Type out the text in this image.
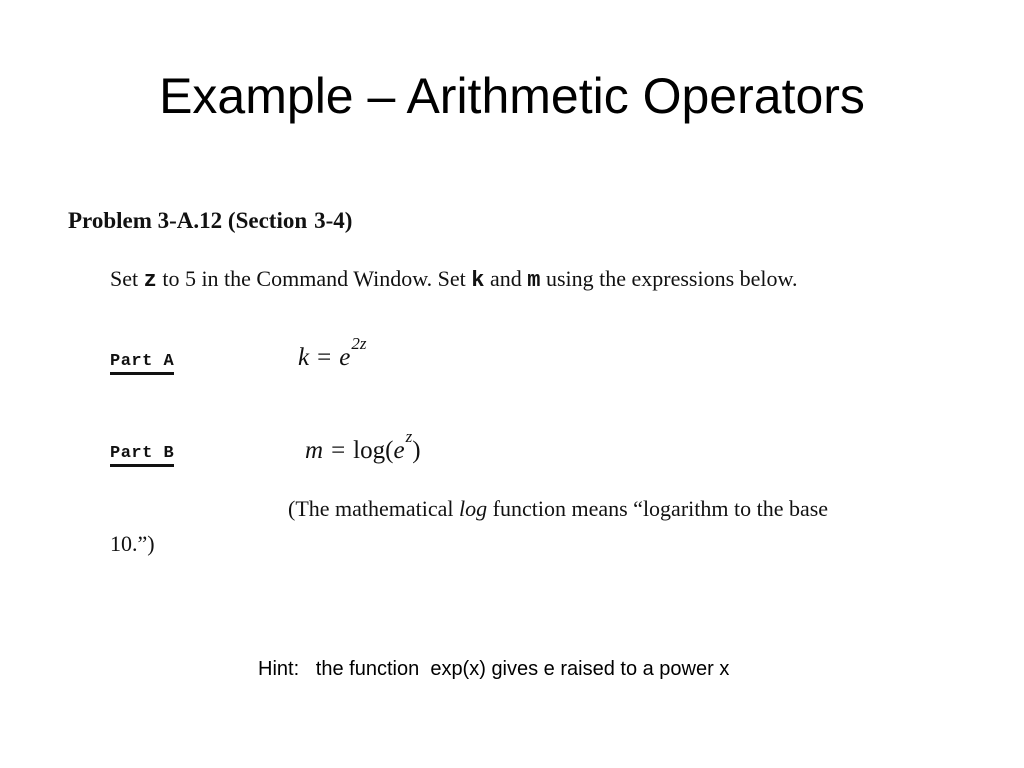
Example – Arithmetic Operators
Problem 3-A.12 (Section 3-4)
Set z to 5 in the Command Window. Set k and m using the expressions below.
Part A	$k = e^{2z}$
Part B	$m = \log(e^z)$
(The mathematical log function means “logarithm to the base
10.”)
Hint:   the function  exp(x) gives e raised to a power x
